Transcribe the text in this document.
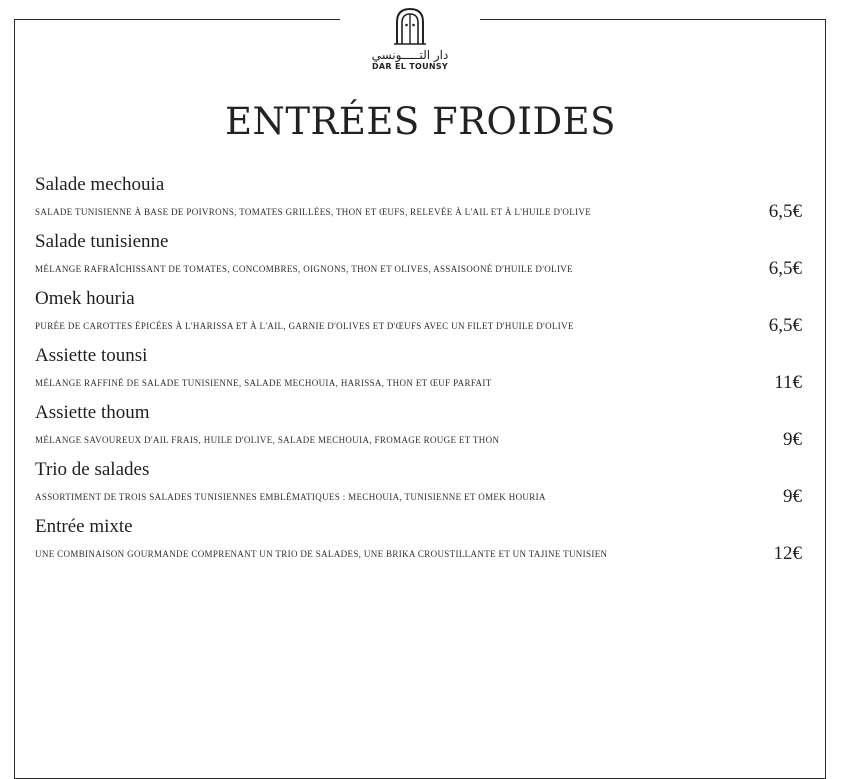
دار التـــــونسي
DAR EL TOUNSY
ENTRÉES FROIDES
Salade mechouia
SALADE TUNISIENNE À BASE DE POIVRONS, TOMATES GRILLÉES, THON ET ŒUFS, RELEVÉE À L'AIL ET À L'HUILE D'OLIVE	6,5€
Salade tunisienne
MÉLANGE RAFRAÎCHISSANT DE TOMATES, CONCOMBRES, OIGNONS, THON ET OLIVES, ASSAISOONÉ D'HUILE D'OLIVE	6,5€
Omek houria
PURÉE DE CAROTTES ÉPICÉES À L'HARISSA ET À L'AIL, GARNIE D'OLIVES ET D'ŒUFS AVEC UN FILET D'HUILE D'OLIVE	6,5€
Assiette tounsi
MÉLANGE RAFFINÉ DE SALADE TUNISIENNE, SALADE MECHOUIA, HARISSA, THON ET ŒUF PARFAIT	11€
Assiette thoum
MÉLANGE SAVOUREUX D'AIL FRAIS, HUILE D'OLIVE, SALADE MECHOUIA, FROMAGE ROUGE ET THON	9€
Trio de salades
ASSORTIMENT DE TROIS SALADES TUNISIENNES EMBLÉMATIQUES : MECHOUIA, TUNISIENNE ET OMEK HOURIA	9€
Entrée mixte
UNE COMBINAISON GOURMANDE COMPRENANT UN TRIO DE SALADES, UNE BRIKA CROUSTILLANTE ET UN TAJINE TUNISIEN	12€
